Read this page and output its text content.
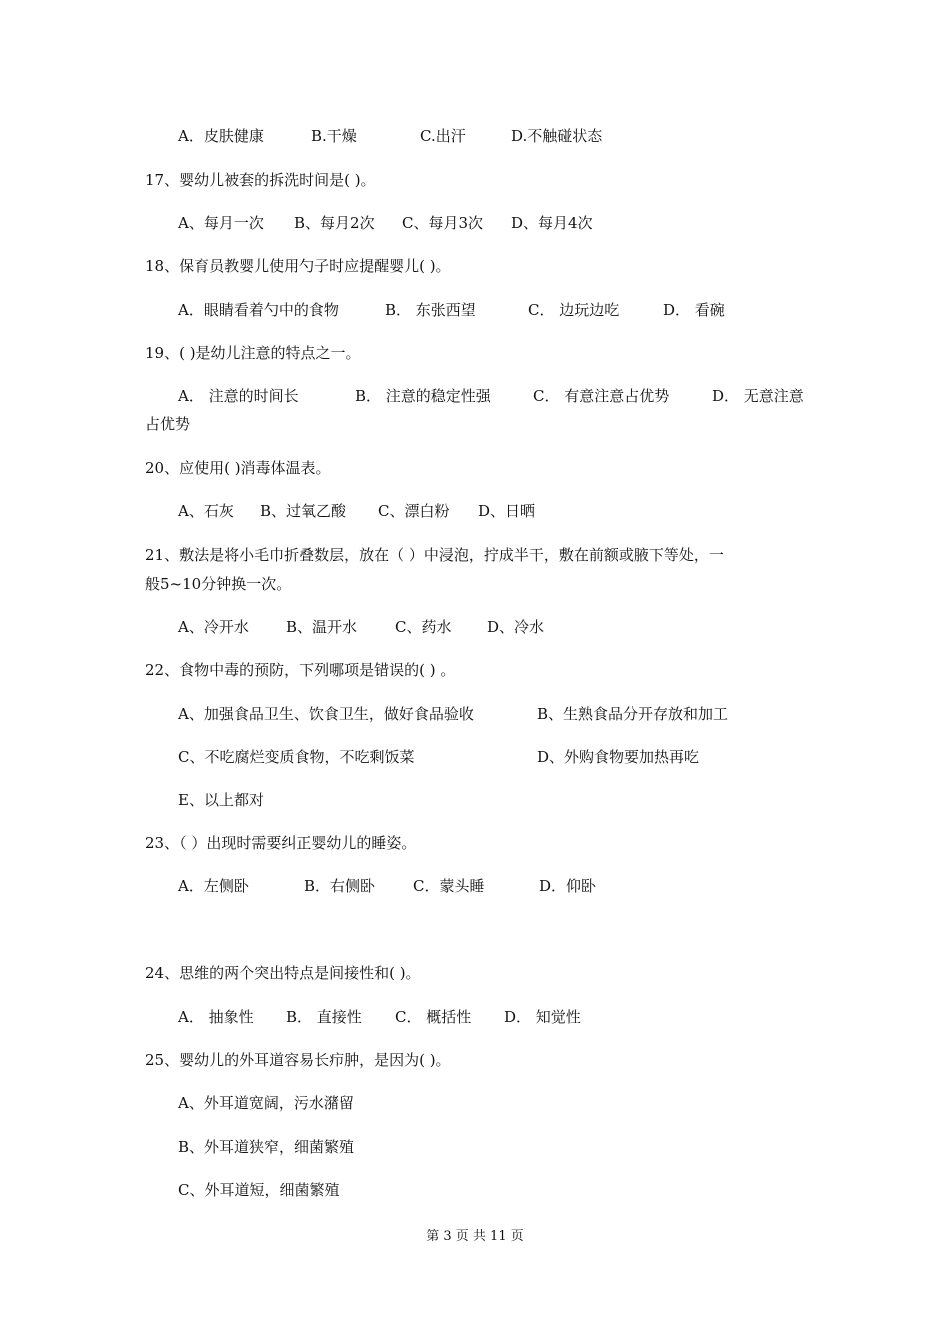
A．皮肤健康	B.干燥	C.出汗	D.不触碰状态
17、婴幼儿被套的拆洗时间是( )。
A、每月一次 B、每月2次 C、每月3次 D、每月4次
18、保育员教婴儿使用勺子时应提醒婴儿( )。
A．眼睛看着勺中的食物	B． 东张西望	C． 边玩边吃	D． 看碗
19、( )是幼儿注意的特点之一。
A． 注意的时间长	B． 注意的稳定性强	C． 有意注意占优势	D． 无意注意
占优势
20、应使用( )消毒体温表。
A、石灰 B、过氧乙酸 C、漂白粉 D、日晒
21、敷法是将小毛巾折叠数层，放在（ ）中浸泡，拧成半干，敷在前额或腋下等处，一
般5~10分钟换一次。
A、冷开水 B、温开水	C、药水 D、冷水
22、食物中毒的预防，下列哪项是错误的( ) 。
A、加强食品卫生、饮食卫生，做好食品验收	B、生熟食品分开存放和加工
C、不吃腐烂变质食物，不吃剩饭菜	D、外购食物要加热再吃
E、以上都对
23、（ ）出现时需要纠正婴幼儿的睡姿。
A．左侧卧	B．右侧卧	C．蒙头睡	D．仰卧
24、思维的两个突出特点是间接性和( )。
A． 抽象性 B． 直接性 C． 概括性 D． 知觉性
25、婴幼儿的外耳道容易长疖肿，是因为( )。
A、外耳道宽阔，污水潴留
B、外耳道狭窄，细菌繁殖
C、外耳道短，细菌繁殖
第 3 页 共 11 页
